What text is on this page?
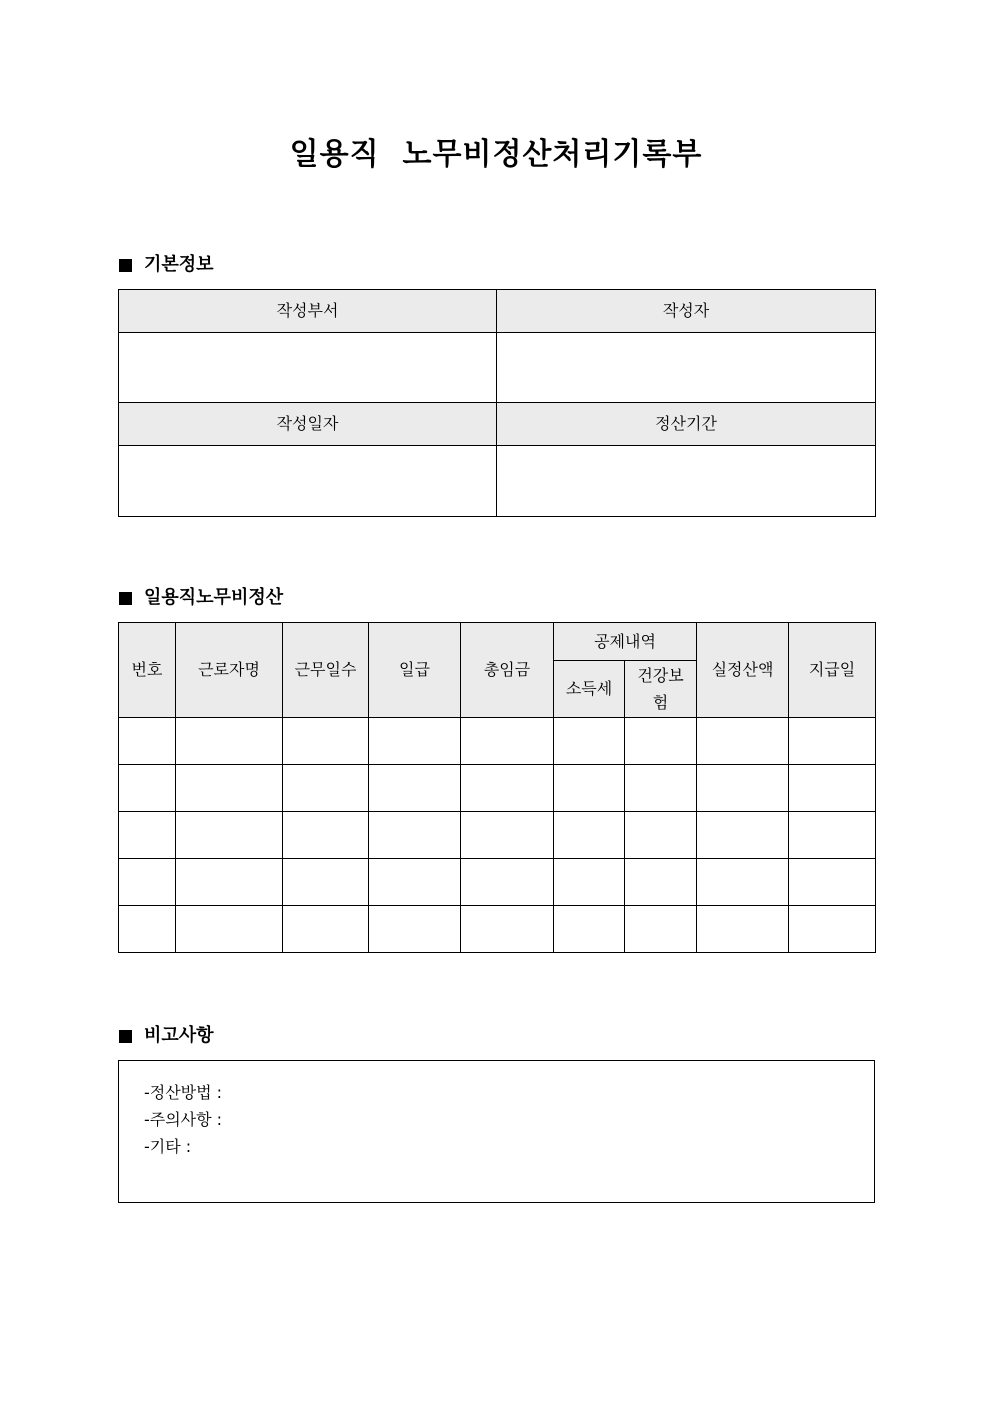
일용직  노무비정산처리기록부
기본정보
작성부서	작성자

작성일자	정산기간

일용직노무비정산
번호	근로자명	근무일수	일급	총임금	공제내역		실정산액	지급일
					소득세	건강보험		

비고사항
-정산방법 :
-주의사항 :
-기타 :
